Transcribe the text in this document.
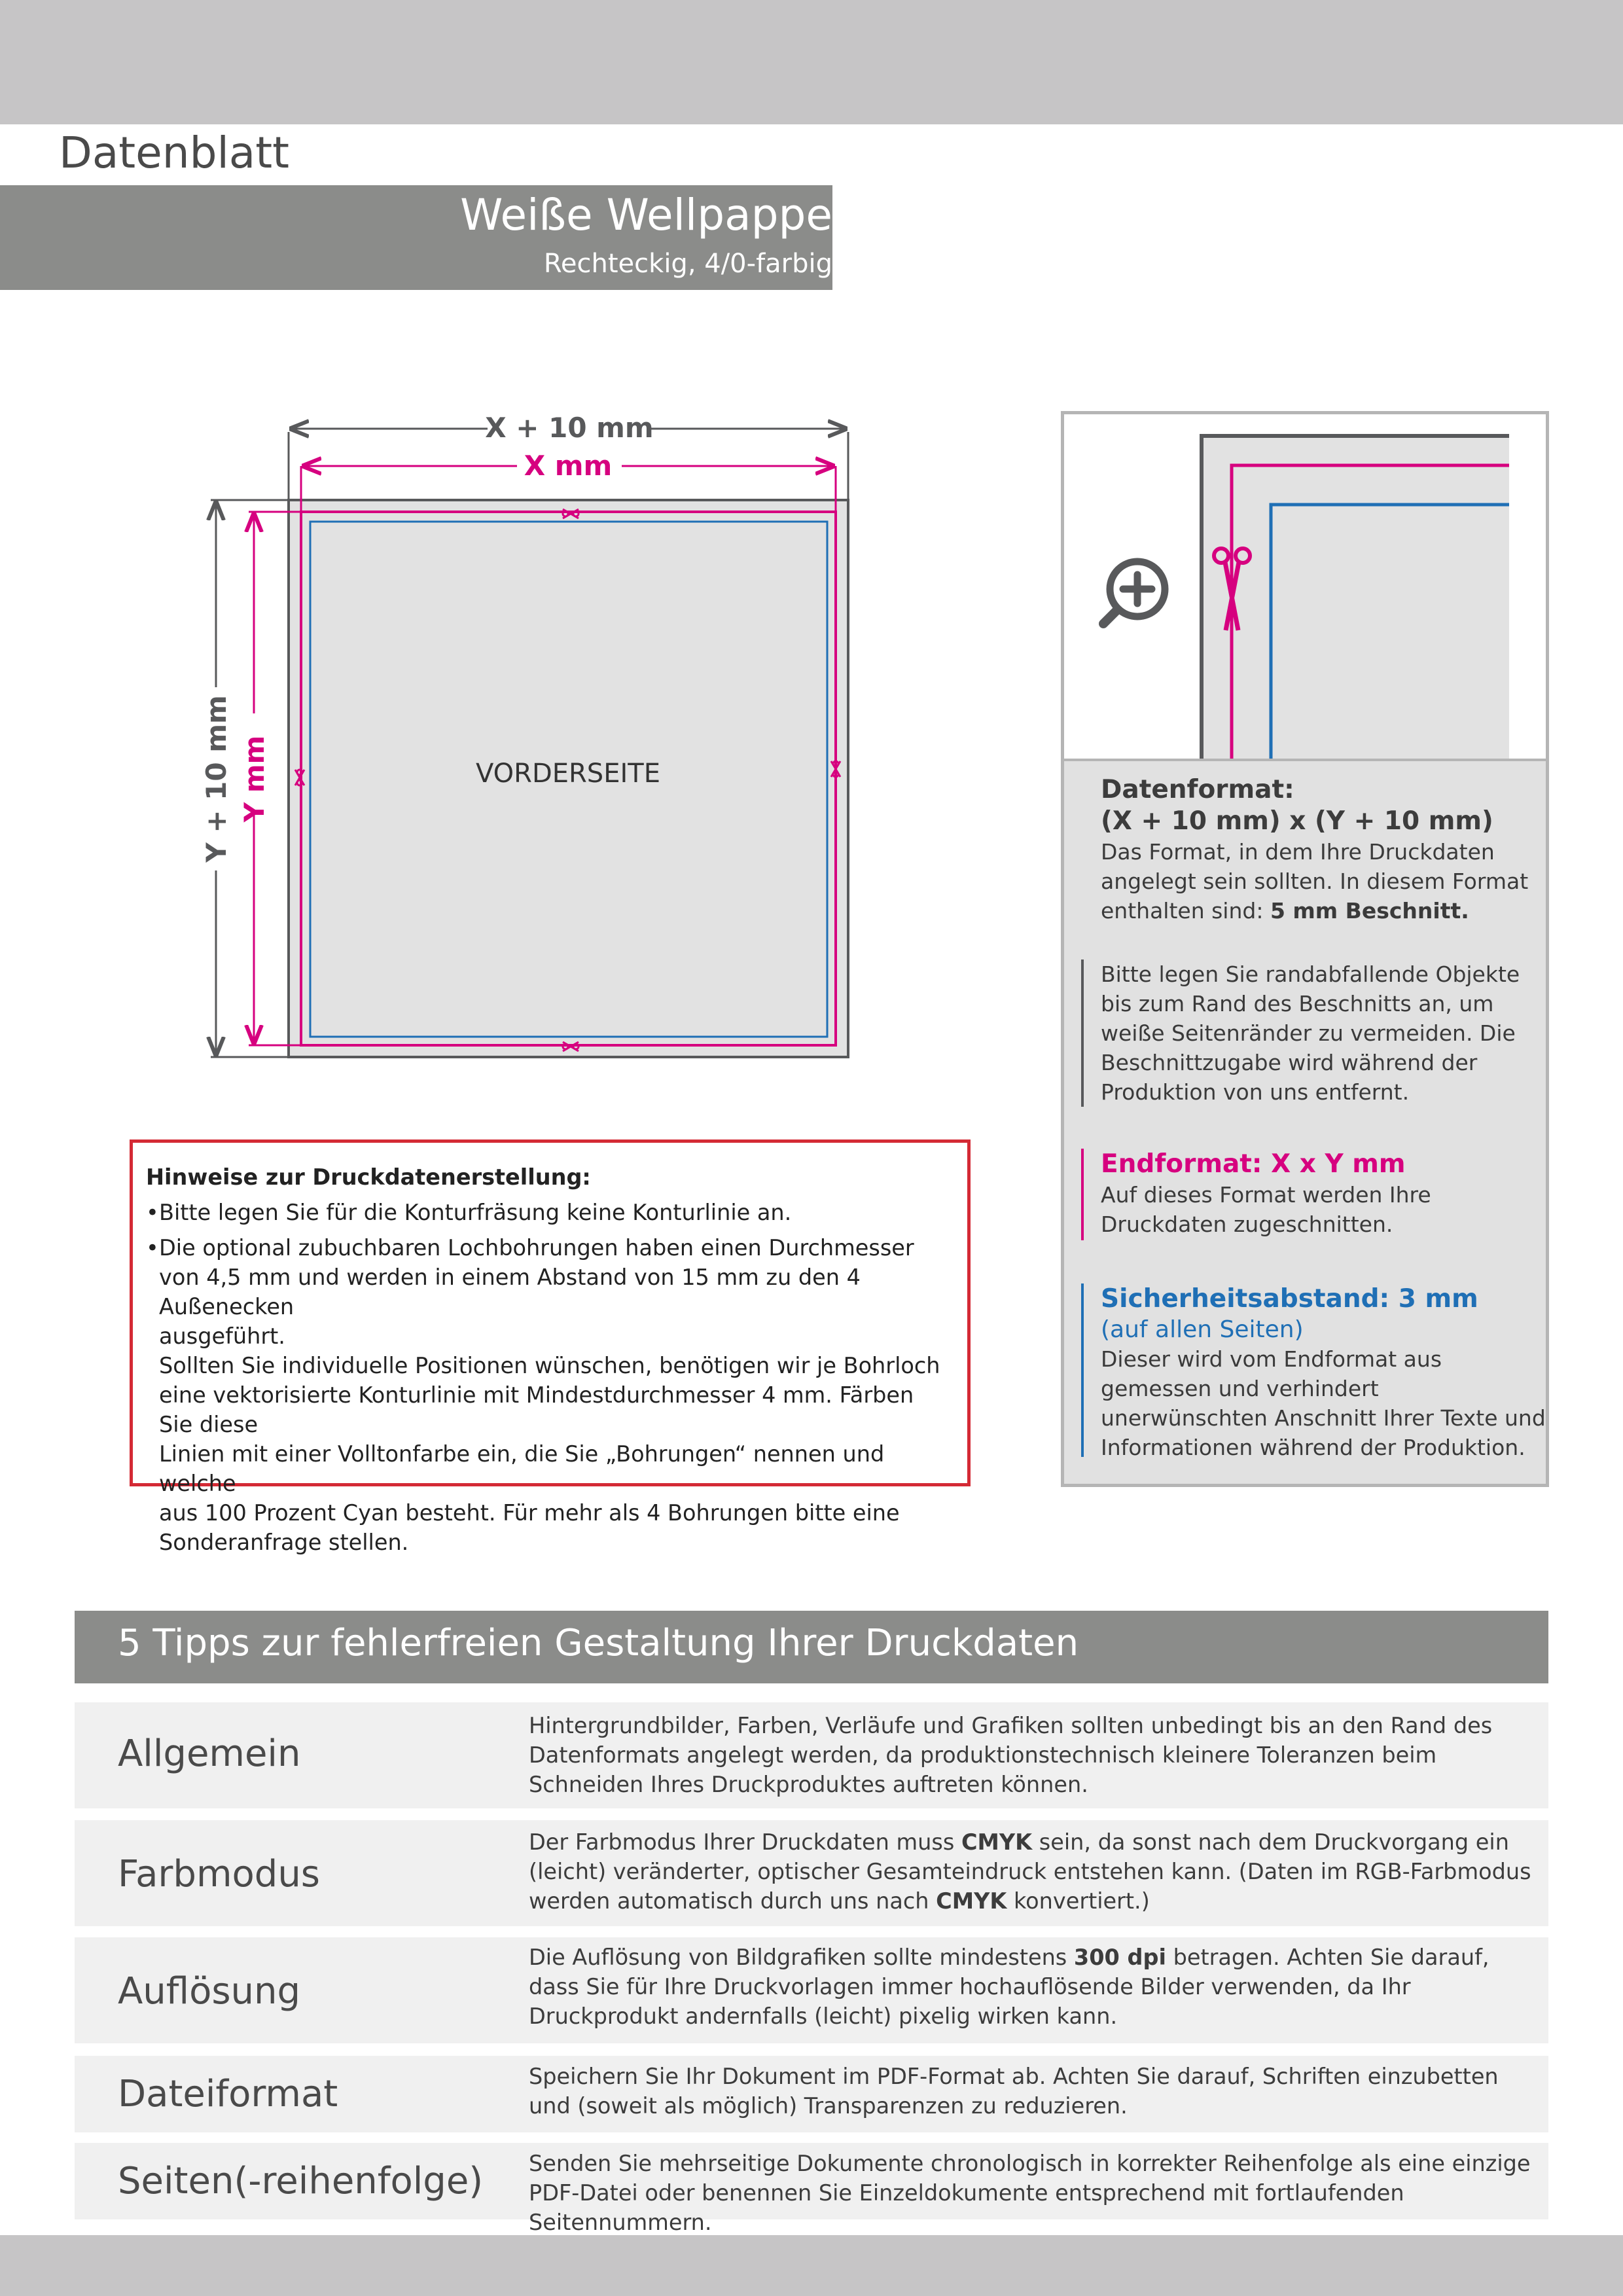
Datenblatt
Weiße Wellpappe
Rechteckig, 4/0-farbig
X + 10 mm
X mm
Y + 10 mm Y mm	VORDERSEITE
Hinweise zur Druckdatenerstellung:
• Bitte legen Sie für die Konturfräsung keine Konturlinie an.
• Die optional zubuchbaren Lochbohrungen haben einen Durchmesser
von 4,5 mm und werden in einem Abstand von 15 mm zu den 4 Außenecken
ausgeführt.
Sollten Sie individuelle Positionen wünschen, benötigen wir je Bohrloch
eine vektorisierte Konturlinie mit Mindestdurchmesser 4 mm. Färben Sie diese
Linien mit einer Volltonfarbe ein, die Sie „Bohrungen“ nennen und welche
aus 100 Prozent Cyan besteht. Für mehr als 4 Bohrungen bitte eine
Sonderanfrage stellen.
Datenformat:
(X + 10 mm) x (Y + 10 mm)
Das Format, in dem Ihre Druckdaten angelegt sein sollten. In diesem Format enthalten sind: 5 mm Beschnitt.
Bitte legen Sie randabfallende Objekte bis zum Rand des Beschnitts an, um weiße Seitenränder zu vermeiden. Die Beschnittzugabe wird während der Produktion von uns entfernt.
Endformat: X x Y mm
Auf dieses Format werden Ihre Druckdaten zugeschnitten.
Sicherheitsabstand: 3 mm
(auf allen Seiten)
Dieser wird vom Endformat aus gemessen und verhindert unerwünschten Anschnitt Ihrer Texte und Informationen während der Produktion.
5 Tipps zur fehlerfreien Gestaltung Ihrer Druckdaten
Allgemein
Hintergrundbilder, Farben, Verläufe und Grafiken sollten unbedingt bis an den Rand des Datenformats angelegt werden, da produktionstechnisch kleinere Toleranzen beim Schneiden Ihres Druckproduktes auftreten können.
Farbmodus
Der Farbmodus Ihrer Druckdaten muss CMYK sein, da sonst nach dem Druckvorgang ein (leicht) veränderter, optischer Gesamteindruck entstehen kann. (Daten im RGB-Farbmodus werden automatisch durch uns nach CMYK konvertiert.)
Auflösung
Die Auflösung von Bildgrafiken sollte mindestens 300 dpi betragen. Achten Sie darauf, dass Sie für Ihre Druckvorlagen immer hochauflösende Bilder verwenden, da Ihr Druckprodukt andernfalls (leicht) pixelig wirken kann.
Dateiformat	Speichern Sie Ihr Dokument im PDF-Format ab. Achten Sie darauf, Schriften einzubetten und (soweit als möglich) Transparenzen zu reduzieren.
Seiten(-reihenfolge) Senden Sie mehrseitige Dokumente chronologisch in korrekter Reihenfolge als eine einzige PDF-Datei oder benennen Sie Einzeldokumente entsprechend mit fortlaufenden Seitennummern.
